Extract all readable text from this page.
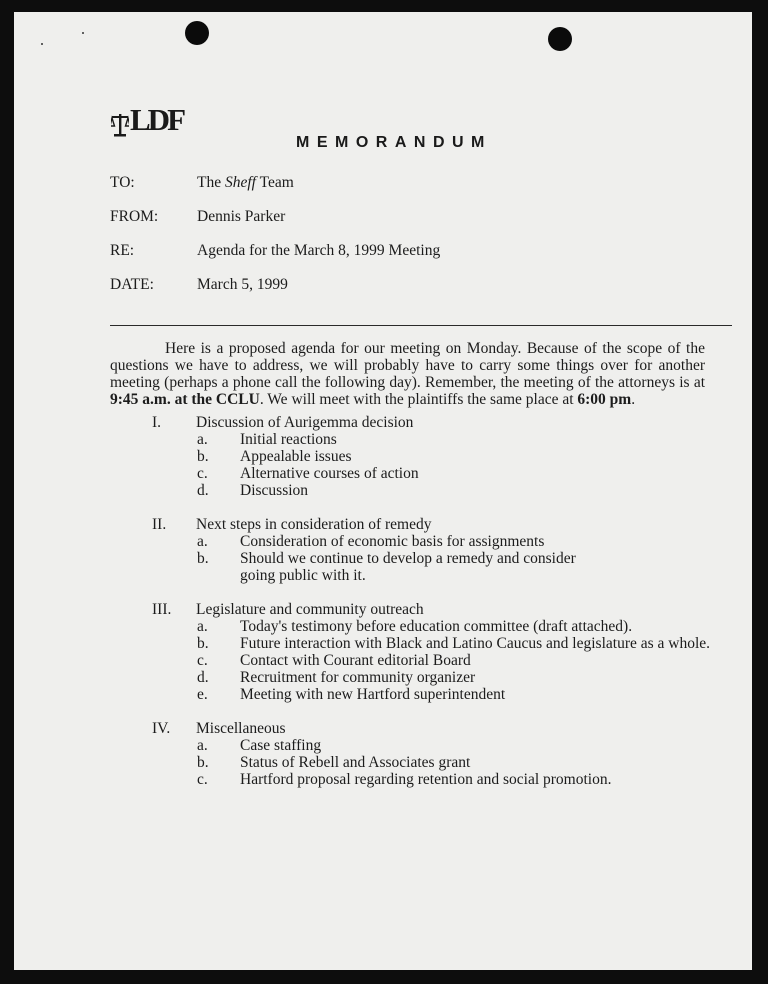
LDF
MEMORANDUM
TO:	The Sheff Team
FROM:	Dennis Parker
RE:	Agenda for the March 8, 1999 Meeting
DATE:	March 5, 1999
Here is a proposed agenda for our meeting on Monday. Because of the scope of the questions we have to address, we will probably have to carry some things over for another meeting (perhaps a phone call the following day). Remember, the meeting of the attorneys is at 9:45 a.m. at the CCLU. We will meet with the plaintiffs the same place at 6:00 pm.
I. Discussion of Aurigemma decision
a. Initial reactions
b. Appealable issues
c. Alternative courses of action
d. Discussion
II. Next steps in consideration of remedy
a. Consideration of economic basis for assignments
b. Should we continue to develop a remedy and consider
going public with it.
III. Legislature and community outreach
a. Today's testimony before education committee (draft attached).
b. Future interaction with Black and Latino Caucus and legislature as a whole.
c. Contact with Courant editorial Board
d. Recruitment for community organizer
e. Meeting with new Hartford superintendent
IV. Miscellaneous
a. Case staffing
b. Status of Rebell and Associates grant
c. Hartford proposal regarding retention and social promotion.
